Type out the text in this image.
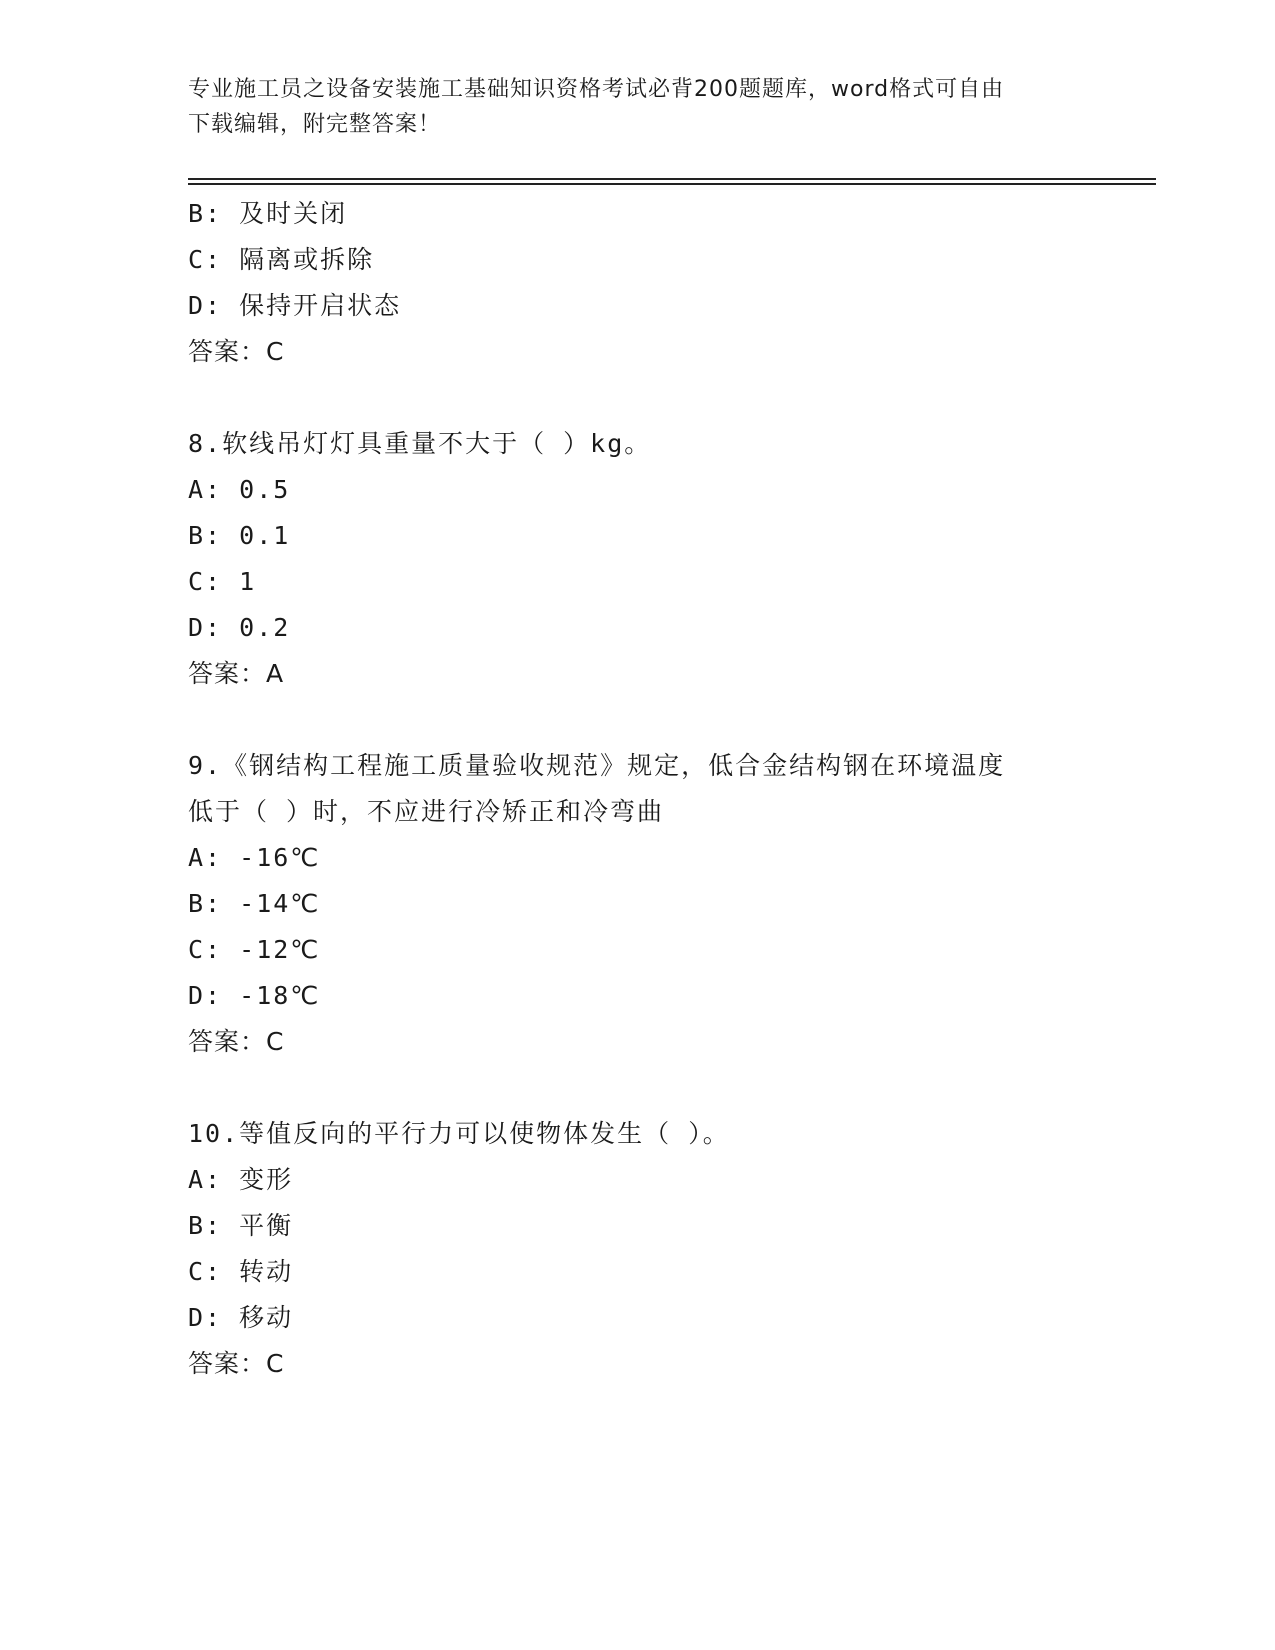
专业施工员之设备安装施工基础知识资格考试必背200题题库，word格式可自由
下载编辑，附完整答案！
B: 及时关闭
C: 隔离或拆除
D: 保持开启状态
答案：C
8.软线吊灯灯具重量不大于（ ）kg。
A: 0.5
B: 0.1
C: 1
D: 0.2
答案：A
9.《钢结构工程施工质量验收规范》规定，低合金结构钢在环境温度
低于（ ）时，不应进行冷矫正和冷弯曲
A: -16℃
B: -14℃
C: -12℃
D: -18℃
答案：C
10.等值反向的平行力可以使物体发生（ ）。
A: 变形
B: 平衡
C: 转动
D: 移动
答案：C
